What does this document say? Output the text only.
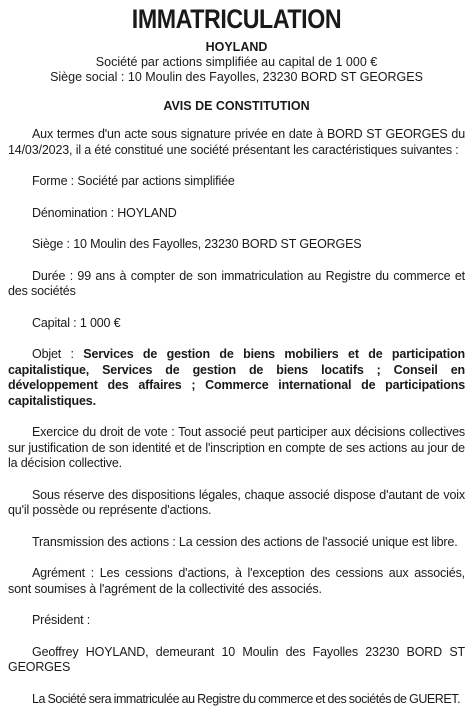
IMMATRICULATION
HOYLAND
Société par actions simplifiée au capital de 1 000 €
Siège social : 10 Moulin des Fayolles, 23230 BORD ST GEORGES
AVIS DE CONSTITUTION

Aux termes d'un acte sous signature privée en date à BORD ST GEORGES du 14/03/2023, il a été constitué une société présentant les caractéristiques suivantes :

Forme : Société par actions simplifiée

Dénomination : HOYLAND

Siège : 10 Moulin des Fayolles, 23230 BORD ST GEORGES

Durée : 99 ans à compter de son immatriculation au Registre du commerce et des sociétés

Capital : 1 000 €

Objet : Services de gestion de biens mobiliers et de participation capitalistique, Services de gestion de biens locatifs ; Conseil en développement des affaires ; Commerce international de participations capitalistiques.

Exercice du droit de vote : Tout associé peut participer aux décisions collectives sur justification de son identité et de l'inscription en compte de ses actions au jour de la décision collective.

Sous réserve des dispositions légales, chaque associé dispose d'autant de voix qu'il possède ou représente d'actions.

Transmission des actions : La cession des actions de l'associé unique est libre.

Agrément : Les cessions d'actions, à l'exception des cessions aux associés, sont soumises à l'agrément de la collectivité des associés.

Président :

Geoffrey HOYLAND, demeurant 10 Moulin des Fayolles 23230 BORD ST GEORGES

La Société sera immatriculée au Registre du commerce et des sociétés de GUERET.
